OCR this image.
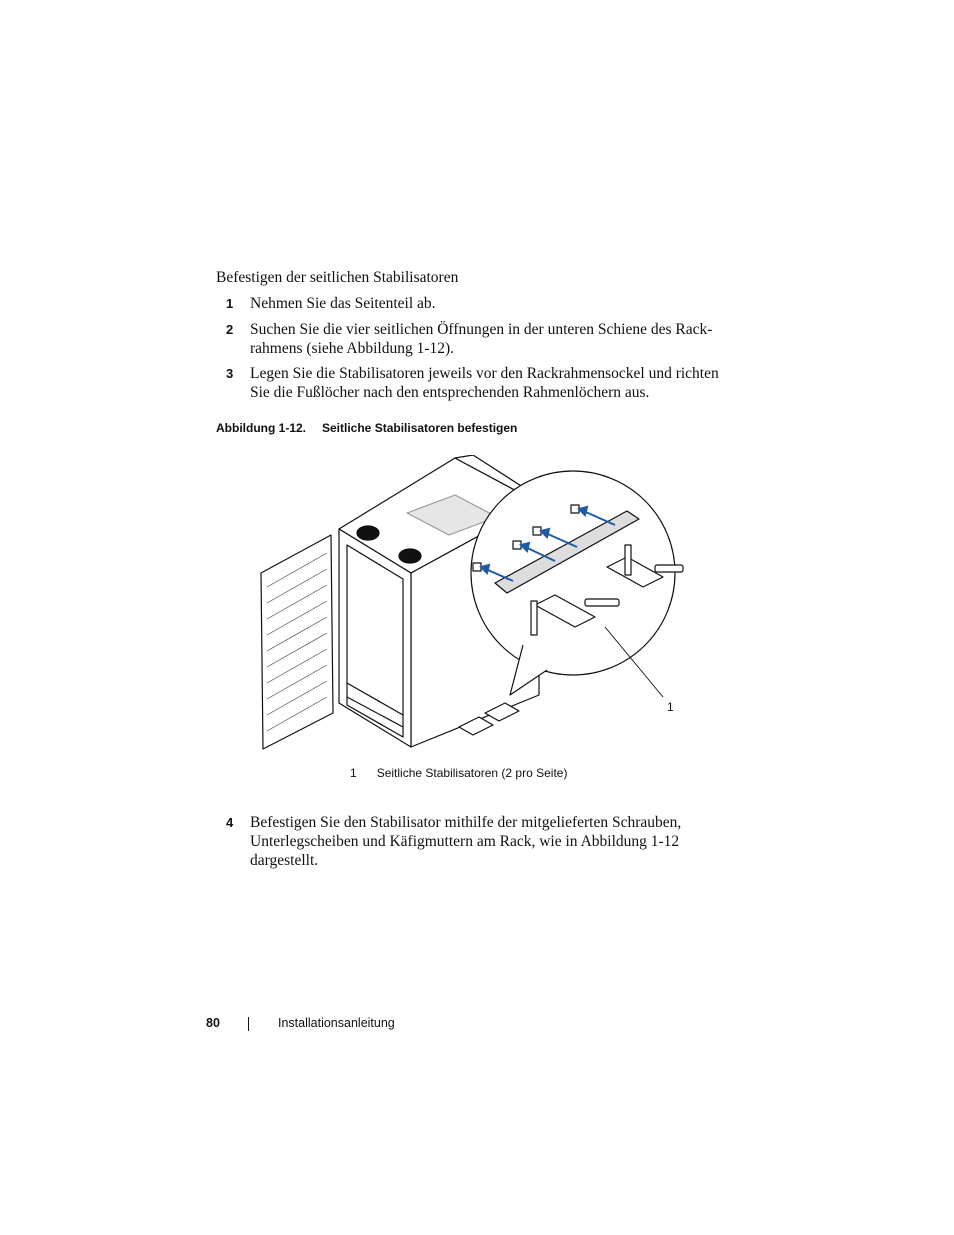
Befestigen der seitlichen Stabilisatoren
1 Nehmen Sie das Seitenteil ab.
2 Suchen Sie die vier seitlichen Öffnungen in der unteren Schiene des Rack-rahmens (siehe Abbildung 1-12).
3 Legen Sie die Stabilisatoren jeweils vor den Rackrahmensockel und richten Sie die Fußlöcher nach den entsprechenden Rahmenlöchern aus.
Abbildung 1-12. Seitliche Stabilisatoren befestigen
1
1 Seitliche Stabilisatoren (2 pro Seite)
4 Befestigen Sie den Stabilisator mithilfe der mitgelieferten Schrauben, Unterlegscheiben und Käfigmuttern am Rack, wie in Abbildung 1-12 dargestellt.
80	Installationsanleitung
